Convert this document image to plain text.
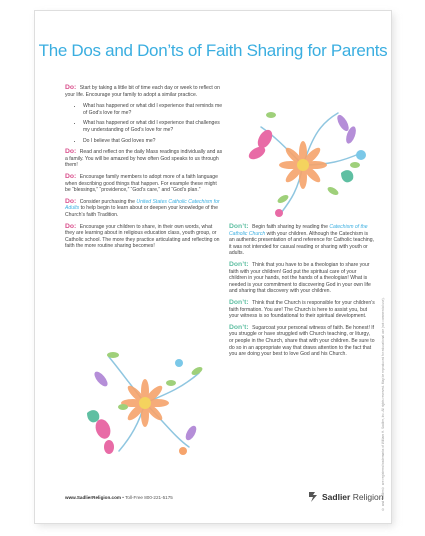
The Dos and Don’ts of Faith Sharing for Parents

Do: Start by taking a little bit of time each day or week to reflect on your life. Encourage your family to adopt a similar practice.

• What has happened or what did I experience that reminds me of God’s love for me?
• What has happened or what did I experience that challenges my understanding of God’s love for me?
• Do I believe that God loves me?

Do: Read and reflect on the daily Mass readings individually and as a family. You will be amazed by how often God speaks to us through them!

Do: Encourage family members to adopt more of a faith language when describing good things that happen. For example these might be “blessings,” “providence,” “God’s care,” and “God’s plan.”

Do: Consider purchasing the United States Catholic Catechism for Adults to help begin to learn about or deepen your knowledge of the Church’s faith Tradition.

Do: Encourage your children to share, in their own words, what they are learning about in religious education class, youth group, or Catholic school. The more they practice articulating and reflecting on faith the more routine sharing becomes!

Don’t: Begin faith sharing by reading the Catechism of the Catholic Church with your children. Although the Catechism is an authentic presentation of and reference for Catholic teaching, it was not intended for casual reading or sharing with youth or adults.

Don’t: Think that you have to be a theologian to share your faith with your children! God put the spiritual care of your children in your hands, not the hands of a theologian! What is needed is your commitment to discovering God in your own life and sharing that discovery with your children.

Don’t: Think that the Church is responsible for your children’s faith formation. You are! The Church is here to assist you, but your witness is so foundational to their spiritual development.

Don’t: Sugarcoat your personal witness of faith. Be honest! If you struggle or have struggled with Church teaching, or liturgy, or people in the Church, share that with your children. Be sure to do so in an appropriate way that draws attention to the fact that you are doing your best to love God and his Church.	® and Sadlier® are registered trademarks of William H. Sadlier, Inc. All rights reserved. May be reproduced for educational use (not commercial use).
www.SadlierReligion.com • Toll-Free 800-221-5175	Sadlier Religion
